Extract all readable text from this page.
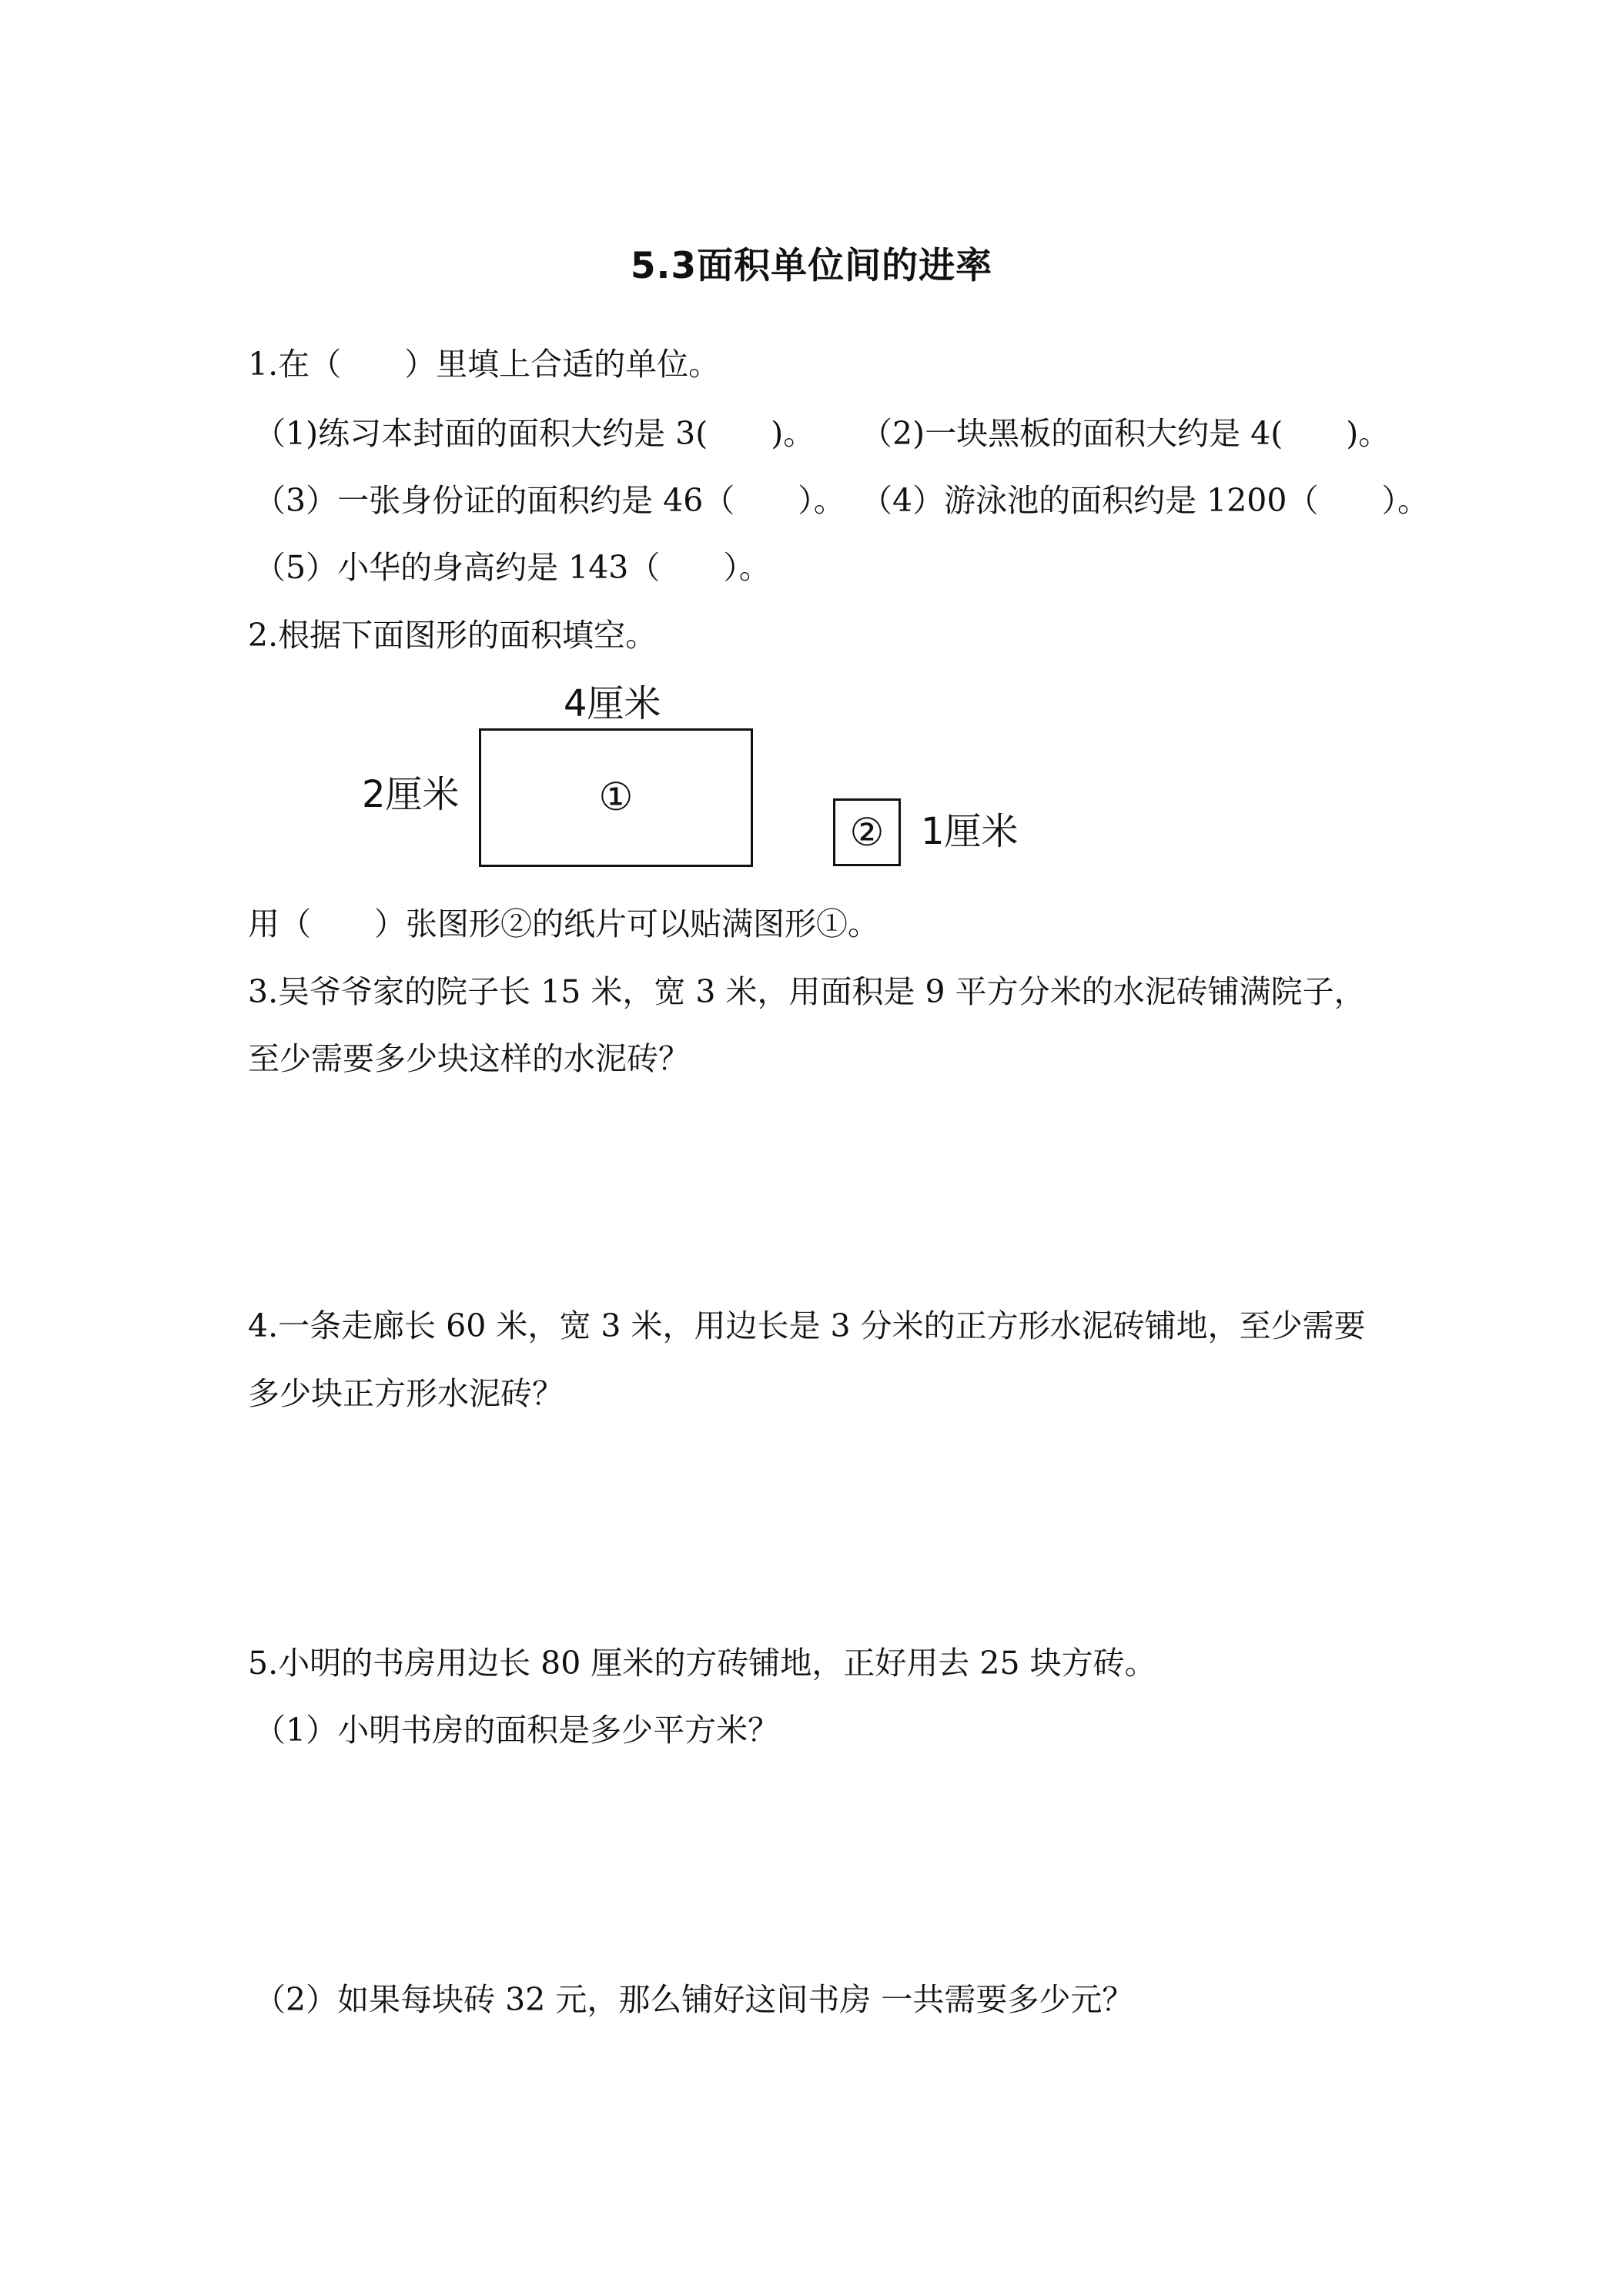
5.3面积单位间的进率
1.在（　　）里填上合适的单位。
（1)练习本封面的面积大约是 3(　　)。 （2)一块黑板的面积大约是 4(　　)。
（3）一张身份证的面积约是 46（　　）。 （4）游泳池的面积约是 1200（　　）。
（5）小华的身高约是 143（　　）。
2.根据下面图形的面积填空。
4厘米
2厘米	①
② 1厘米
用（　　）张图形②的纸片可以贴满图形①。
3.吴爷爷家的院子长 15 米，宽 3 米，用面积是 9 平方分米的水泥砖铺满院子，
至少需要多少块这样的水泥砖？
4.一条走廊长 60 米，宽 3 米，用边长是 3 分米的正方形水泥砖铺地，至少需要
多少块正方形水泥砖？
5.小明的书房用边长 80 厘米的方砖铺地，正好用去 25 块方砖。
（1）小明书房的面积是多少平方米？
（2）如果每块砖 32 元，那么铺好这间书房 一共需要多少元？
